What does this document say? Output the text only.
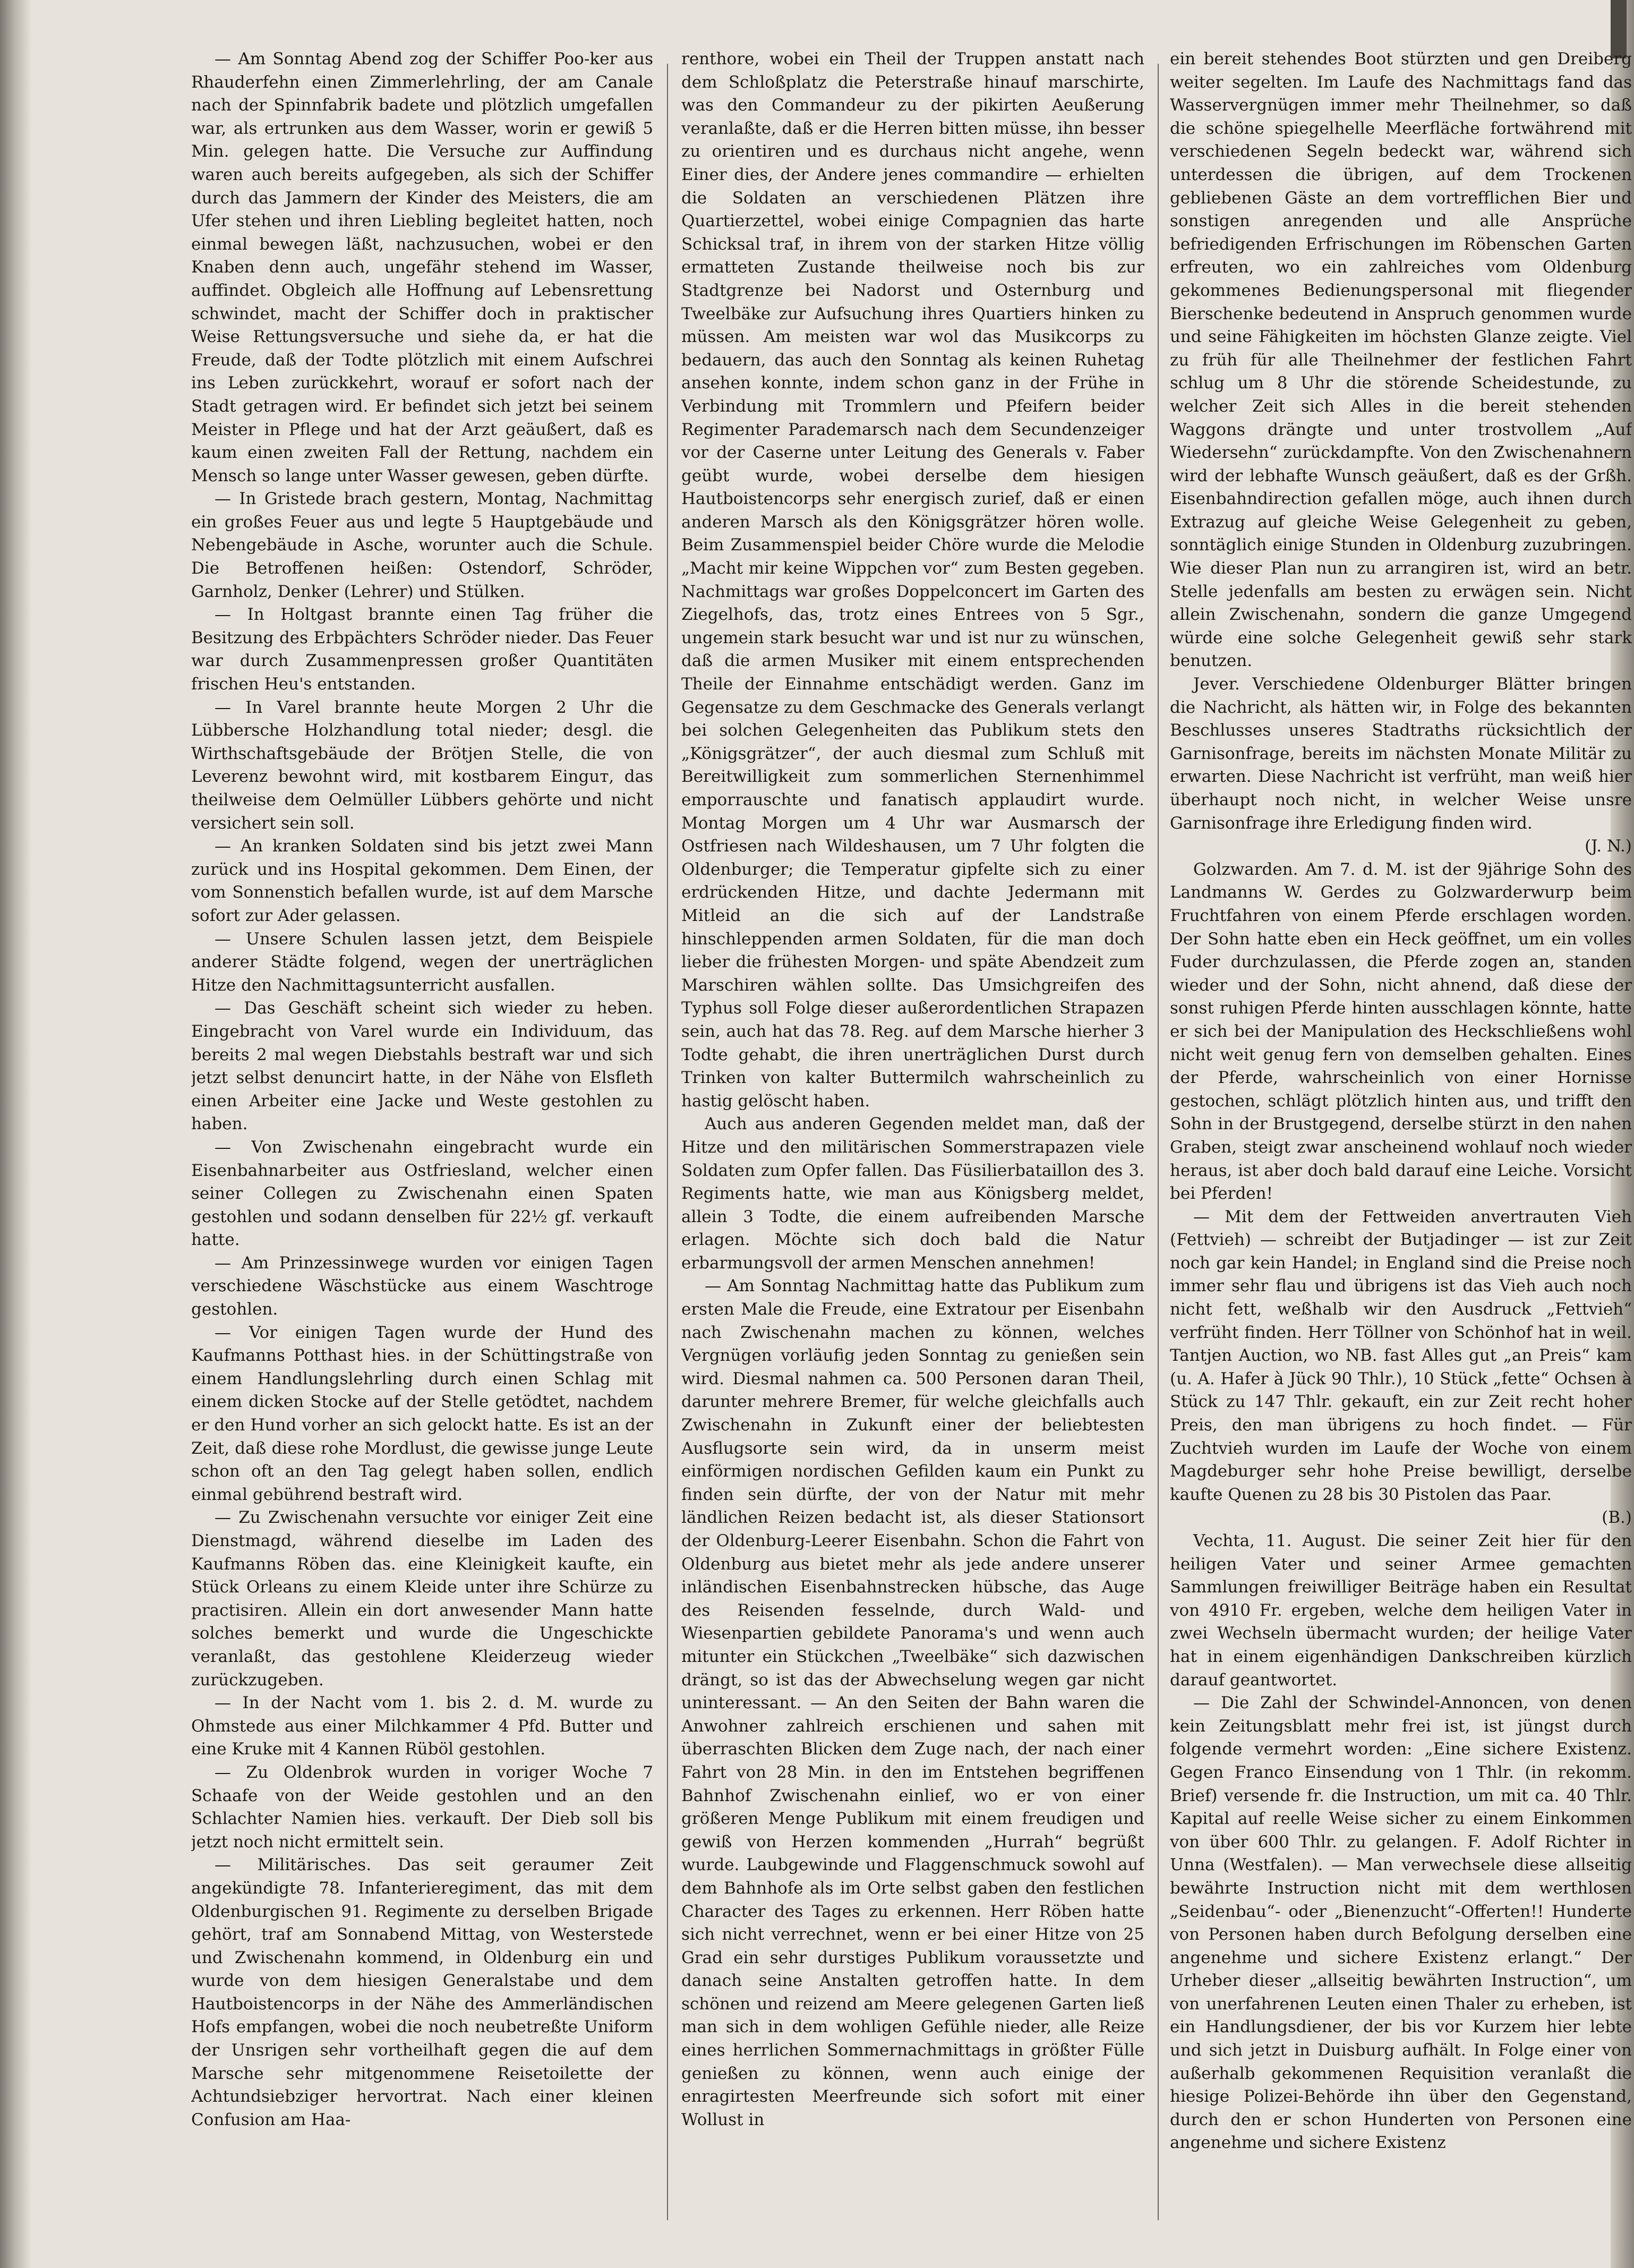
— Am Sonntag Abend zog der Schiffer Poo-ker aus Rhauderfehn einen Zimmerlehrling, der am Canale nach der Spinnfabrik badete und plötzlich umgefallen war, als ertrunken aus dem Wasser, worin er gewiß 5 Min. gelegen hatte. Die Versuche zur Auffindung waren auch bereits aufgegeben, als sich der Schiffer durch das Jammern der Kinder des Meisters, die am Ufer stehen und ihren Liebling begleitet hatten, noch einmal bewegen läßt, nachzusuchen, wobei er den Knaben denn auch, ungefähr stehend im Wasser, auffindet. Obgleich alle Hoffnung auf Lebensrettung schwindet, macht der Schiffer doch in praktischer Weise Rettungsversuche und siehe da, er hat die Freude, daß der Todte plötzlich mit einem Aufschrei ins Leben zurückkehrt, worauf er sofort nach der Stadt getragen wird. Er befindet sich jetzt bei seinem Meister in Pflege und hat der Arzt geäußert, daß es kaum einen zweiten Fall der Rettung, nachdem ein Mensch so lange unter Wasser gewesen, geben dürfte.

— In Gristede brach gestern, Montag, Nachmittag ein großes Feuer aus und legte 5 Hauptgebäude und Nebengebäude in Asche, worunter auch die Schule. Die Betroffenen heißen: Ostendorf, Schröder, Garnholz, Denker (Lehrer) und Stülken.

— In Holtgast brannte einen Tag früher die Besitzung des Erbpächters Schröder nieder. Das Feuer war durch Zusammenpressen großer Quantitäten frischen Heu's entstanden.

— In Varel brannte heute Morgen 2 Uhr die Lübbersche Holzhandlung total nieder; desgl. die Wirthschaftsgebäude der Brötjen Stelle, die von Leverenz bewohnt wird, mit kostbarem Einguт, das theilweise dem Oelmüller Lübbers gehörte und nicht versichert sein soll.

— An kranken Soldaten sind bis jetzt zwei Mann zurück und ins Hospital gekommen. Dem Einen, der vom Sonnenstich befallen wurde, ist auf dem Marsche sofort zur Ader gelassen.

— Unsere Schulen lassen jetzt, dem Beispiele anderer Städte folgend, wegen der unerträglichen Hitze den Nachmittagsunterricht ausfallen.

— Das Geschäft scheint sich wieder zu heben. Eingebracht von Varel wurde ein Individuum, das bereits 2 mal wegen Diebstahls bestraft war und sich jetzt selbst denuncirt hatte, in der Nähe von Elsfleth einen Arbeiter eine Jacke und Weste gestohlen zu haben.

— Von Zwischenahn eingebracht wurde ein Eisenbahnarbeiter aus Ostfriesland, welcher einen seiner Collegen zu Zwischenahn einen Spaten gestohlen und sodann denselben für 22½ gf. verkauft hatte.

— Am Prinzessinwege wurden vor einigen Tagen verschiedene Wäschstücke aus einem Waschtroge gestohlen.

— Vor einigen Tagen wurde der Hund des Kaufmanns Potthast hies. in der Schüttingstraße von einem Handlungslehrling durch einen Schlag mit einem dicken Stocke auf der Stelle getödtet, nachdem er den Hund vorher an sich gelockt hatte. Es ist an der Zeit, daß diese rohe Mordlust, die gewisse junge Leute schon oft an den Tag gelegt haben sollen, endlich einmal gebührend bestraft wird.

— Zu Zwischenahn versuchte vor einiger Zeit eine Dienstmagd, während dieselbe im Laden des Kaufmanns Röben das. eine Kleinigkeit kaufte, ein Stück Orleans zu einem Kleide unter ihre Schürze zu practisiren. Allein ein dort anwesender Mann hatte solches bemerkt und wurde die Ungeschicktе veranlaßt, das gestohlene Kleiderzeug wieder zurückzugeben.

— In der Nacht vom 1. bis 2. d. M. wurde zu Ohmstede aus einer Milchkammer 4 Pfd. Butter und eine Kruke mit 4 Kannen Rüböl gestohlen.

— Zu Oldenbrok wurden in voriger Woche 7 Schaafe von der Weide gestohlen und an den Schlachter Namien hies. verkauft. Der Dieb soll bis jetzt noch nicht ermittelt sein.

— Militärisches. Das seit geraumer Zeit angekündigte 78. Infanterieregiment, das mit dem Oldenburgischen 91. Regimente zu derselben Brigade gehört, traf am Sonnabend Mittag, von Westerstede und Zwischenahn kommend, in Oldenburg ein und wurde von dem hiesigen Generalstabe und dem Hautboistencorps in der Nähe des Ammerländischen Hofs empfangen, wobei die noch neubetreßte Uniform der Unsrigen sehr vortheilhaft gegen die auf dem Marsche sehr mitgenommene Reisetoilette der Achtundsiebziger hervortrat. Nach einer kleinen Confusion am Haa-

renthore, wobei ein Theil der Truppen anstatt nach dem Schloßplatz die Peterstraße hinauf marschirte, was den Commandeur zu der pikirten Aeußerung veranlaßte, daß er die Herren bitten müsse, ihn besser zu orientiren und es durchaus nicht angehe, wenn Einer dies, der Andere jenes commandire — erhielten die Soldaten an verschiedenen Plätzen ihre Quartierzettel, wobei einige Compagnien das harte Schicksal traf, in ihrem von der starken Hitze völlig ermatteten Zustande theilweise noch bis zur Stadtgrenze bei Nadorst und Osternburg und Tweelbäke zur Aufsuchung ihres Quartiers hinken zu müssen. Am meisten war wol das Musikcorps zu bedauern, das auch den Sonntag als keinen Ruhetag ansehen konnte, indem schon ganz in der Frühe in Verbindung mit Trommlern und Pfeifern beider Regimenter Parademarsch nach dem Secundenzeiger vor der Caserne unter Leitung des Generals v. Faber geübt wurde, wobei derselbe dem hiesigen Hautboistencorps sehr energisch zurief, daß er einen anderen Marsch als den Königsgrätzer hören wolle. Beim Zusammenspiel beider Chöre wurde die Melodie „Macht mir keine Wippchen vor“ zum Besten gegeben. Nachmittags war großes Doppelconcert im Garten des Ziegelhofs, das, trotz eines Entrees von 5 Sgr., ungemein stark besucht war und ist nur zu wünschen, daß die armen Musiker mit einem entsprechenden Theile der Einnahme entschädigt werden. Ganz im Gegensatze zu dem Geschmacke des Generals verlangt bei solchen Gelegenheiten das Publikum stets den „Königsgrätzer“, der auch diesmal zum Schluß mit Bereitwilligkeit zum sommerlichen Sternenhimmel emporrauschte und fanatisch applaudirt wurde. Montag Morgen um 4 Uhr war Ausmarsch der Ostfriesen nach Wildeshausen, um 7 Uhr folgten die Oldenburger; die Temperatur gipfelte sich zu einer erdrückenden Hitze, und dachte Jedermann mit Mitleid an die sich auf der Landstraße hinschleppenden armen Soldaten, für die man doch lieber die frühesten Morgen- und späte Abendzeit zum Marschiren wählen sollte. Das Umsichgreifen des Typhus soll Folge dieser außerordentlichen Strapazen sein, auch hat das 78. Reg. auf dem Marsche hierher 3 Todte gehabt, die ihren unerträglichen Durst durch Trinken von kalter Buttermilch wahrscheinlich zu hastig gelöscht haben.

Auch aus anderen Gegenden meldet man, daß der Hitze und den militärischen Sommerstrapazen viele Soldaten zum Opfer fallen. Das Füsilierbataillon des 3. Regiments hatte, wie man aus Königsberg meldet, allein 3 Todte, die einem aufreibenden Marsche erlagen. Möchte sich doch bald die Natur erbarmungsvoll der armen Menschen annehmen!

— Am Sonntag Nachmittag hatte das Publikum zum ersten Male die Freude, eine Extratour per Eisenbahn nach Zwischenahn machen zu können, welches Vergnügen vorläufig jeden Sonntag zu genießen sein wird. Diesmal nahmen ca. 500 Personen daran Theil, darunter mehrere Bremer, für welche gleichfalls auch Zwischenahn in Zukunft einer der beliebtesten Ausflugsorte sein wird, da in unserm meist einförmigen nordischen Gefilden kaum ein Punkt zu finden sein dürfte, der von der Natur mit mehr ländlichen Reizen bedacht ist, als dieser Stationsort der Oldenburg-Leerer Eisenbahn. Schon die Fahrt von Oldenburg aus bietet mehr als jede andere unserer inländischen Eisenbahnstrecken hübsche, das Auge des Reisenden fesselnde, durch Wald- und Wiesenpartien gebildete Panorama's und wenn auch mitunter ein Stückchen „Tweelbäke“ sich dazwischen drängt, so ist das der Abwechselung wegen gar nicht uninteressant. — An den Seiten der Bahn waren die Anwohner zahlreich erschienen und sahen mit überraschten Blicken dem Zuge nach, der nach einer Fahrt von 28 Min. in den im Entstehen begriffenen Bahnhof Zwischenahn einlief, wo er von einer größeren Menge Publikum mit einem freudigen und gewiß von Herzen kommenden „Hurrah“ begrüßt wurde. Laubgewinde und Flaggenschmuck sowohl auf dem Bahnhofe als im Orte selbst gaben den festlichen Character des Tages zu erkennen. Herr Röben hatte sich nicht verrechnet, wenn er bei einer Hitze von 25 Grad ein sehr durstiges Publikum voraussetzte und danach seine Anstalten getroffen hatte. In dem schönen und reizend am Meere gelegenen Garten ließ man sich in dem wohligen Gefühle nieder, alle Reize eines herrlichen Sommernachmittags in größter Fülle genießen zu können, wenn auch einige der enragirtesten Meerfreunde sich sofort mit einer Wollust in

ein bereit stehendes Boot stürzten und gen Dreiberg weiter segelten. Im Laufe des Nachmittags fand das Wasservergnügen immer mehr Theilnehmer, so daß die schöne spiegelhelle Meerfläche fortwährend mit verschiedenen Segeln bedeckt war, während sich unterdessen die übrigen, auf dem Trockenen gebliebenen Gäste an dem vortrefflichen Bier und sonstigen anregenden und alle Ansprüche befriedigenden Erfrischungen im Röbenschen Garten erfreuten, wo ein zahlreiches vom Oldenburg gekommenes Bedienungspersonal mit fliegender Bierschenke bedeutend in Anspruch genommen wurde und seine Fähigkeiten im höchsten Glanze zeigte. Viel zu früh für alle Theilnehmer der festlichen Fahrt schlug um 8 Uhr die störende Scheidestunde, zu welcher Zeit sich Alles in die bereit stehenden Waggons drängte und unter trostvollem „Auf Wiedersehn“ zurückdampfte. Von den Zwischenahnern wird der lebhafte Wunsch geäußert, daß es der Grßh. Eisenbahndirection gefallen möge, auch ihnen durch Extrazug auf gleiche Weise Gelegenheit zu geben, sonntäglich einige Stunden in Oldenburg zuzubringen. Wie dieser Plan nun zu arrangiren ist, wird an betr. Stelle jedenfalls am besten zu erwägen sein. Nicht allein Zwischenahn, sondern die ganze Umgegend würde eine solche Gelegenheit gewiß sehr stark benutzen.

Jever. Verschiedene Oldenburger Blätter bringen die Nachricht, als hätten wir, in Folge des bekannten Beschlusses unseres Stadtraths rücksichtlich der Garnisonfrage, bereits im nächsten Monate Militär zu erwarten. Diese Nachricht ist verfrüht, man weiß hier überhaupt noch nicht, in welcher Weise unsre Garnisonfrage ihre Erledigung finden wird.

(J. N.)

Golzwarden. Am 7. d. M. ist der 9jährige Sohn des Landmanns W. Gerdes zu Golzwarderwurp beim Fruchtfahren von einem Pferde erschlagen worden. Der Sohn hatte eben ein Heck geöffnet, um ein volles Fuder durchzulassen, die Pferde zogen an, standen wieder und der Sohn, nicht ahnend, daß diese der sonst ruhigen Pferde hinten ausschlagen könnte, hatte er sich bei der Manipulation des Heckschließens wohl nicht weit genug fern von demselben gehalten. Eines der Pferde, wahrscheinlich von einer Hornisse gestochen, schlägt plötzlich hinten aus, und trifft den Sohn in der Brustgegend, derselbe stürzt in den nahen Graben, steigt zwar anscheinend wohlauf noch wieder heraus, ist aber doch bald darauf eine Leiche. Vorsicht bei Pferden!

— Mit dem der Fettweiden anvertrauten Vieh (Fettvieh) — schreibt der Butjadinger — ist zur Zeit noch gar kein Handel; in England sind die Preise noch immer sehr flau und übrigens ist das Vieh auch noch nicht fett, weßhalb wir den Ausdruck „Fettvieh“ verfrüht finden. Herr Töllner von Schönhof hat in weil. Tantjen Auction, wo NB. fast Alles gut „an Preis“ kam (u. A. Hafer à Jück 90 Thlr.), 10 Stück „fette“ Ochsen à Stück zu 147 Thlr. gekauft, ein zur Zeit recht hoher Preis, den man übrigens zu hoch findet. — Für Zuchtvieh wurden im Laufe der Woche von einem Magdeburger sehr hohe Preise bewilligt, derselbe kaufte Quenen zu 28 bis 30 Pistolen das Paar.

(B.)

Vechta, 11. August. Die seiner Zeit hier für den heiligen Vater und seiner Armee gemachten Sammlungen freiwilliger Beiträge haben ein Resultat von 4910 Fr. ergeben, welche dem heiligen Vater in zwei Wechseln übermacht wurden; der heilige Vater hat in einem eigenhändigen Dankschreiben kürzlich darauf geantwortet.

— Die Zahl der Schwindel-Annoncen, von denen kein Zeitungsblatt mehr frei ist, ist jüngst durch folgende vermehrt worden: „Eine sichere Existenz. Gegen Franco Einsendung von 1 Thlr. (in rekomm. Brief) versende fr. die Instruction, um mit ca. 40 Thlr. Kapital auf reelle Weise sicher zu einem Einkommen von über 600 Thlr. zu gelangen. F. Adolf Richter in Unna (Westfalen). — Man verwechsele diese allseitig bewährte Instruction nicht mit dem werthlosen „Seidenbau“- oder „Bienenzucht“-Offerten!! Hunderte von Personen haben durch Befolgung derselben eine angenehme und sichere Existenz erlangt.“ Der Urheber dieser „allseitig bewährten Instruction“, um von unerfahrenen Leuten einen Thaler zu erheben, ist ein Handlungsdiener, der bis vor Kurzem hier lebte und sich jetzt in Duisburg aufhält. In Folge einer von außerhalb gekommenen Requisition veranlaßt die hiesige Polizei-Behörde ihn über den Gegenstand, durch den er schon Hunderten von Personen eine angenehme und sichere Existenz
